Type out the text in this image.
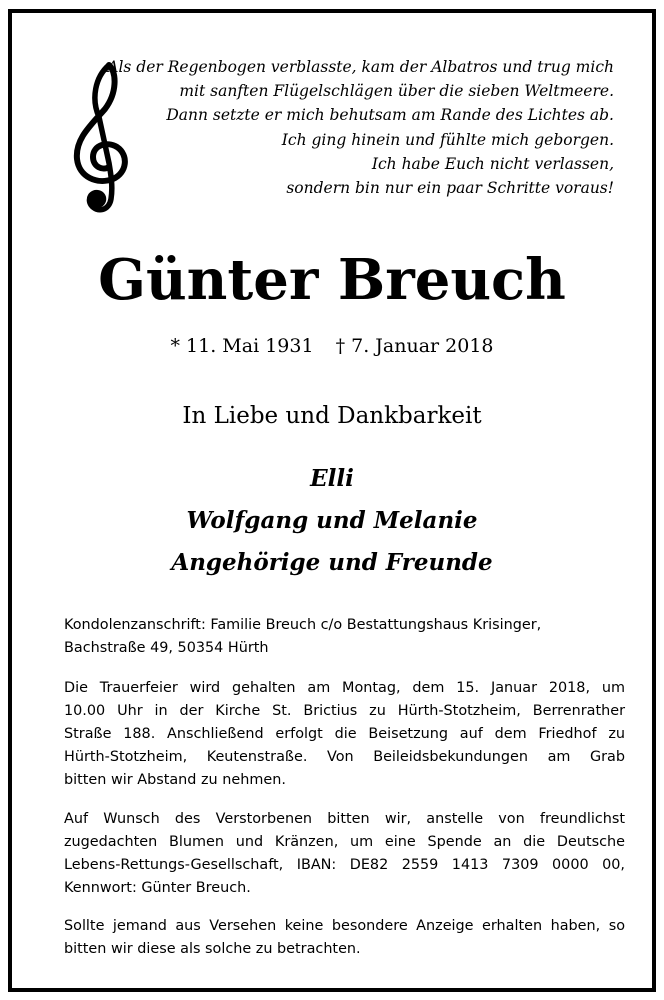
Als der Regenbogen verblasste, kam der Albatros und trug mich
mit sanften Flügelschlägen über die sieben Weltmeere.
Dann setzte er mich behutsam am Rande des Lichtes ab.
Ich ging hinein und fühlte mich geborgen.
Ich habe Euch nicht verlassen,
sondern bin nur ein paar Schritte voraus!
Günter Breuch
* 11. Mai 1931 † 7. Januar 2018
In Liebe und Dankbarkeit
Elli
Wolfgang und Melanie
Angehörige und Freunde
Kondolenzanschrift: Familie Breuch c/o Bestattungshaus Krisinger,
Bachstraße 49, 50354 Hürth
Die Trauerfeier wird gehalten am Montag, dem 15. Januar 2018, um
10.00 Uhr in der Kirche St. Brictius zu Hürth-Stotzheim, Berrenrather
Straße 188. Anschließend erfolgt die Beisetzung auf dem Friedhof zu
Hürth-Stotzheim, Keutenstraße. Von Beileidsbekundungen am Grab
bitten wir Abstand zu nehmen.
Auf Wunsch des Verstorbenen bitten wir, anstelle von freundlichst
zugedachten Blumen und Kränzen, um eine Spende an die Deutsche
Lebens-Rettungs-Gesellschaft, IBAN: DE82 2559 1413 7309 0000 00,
Kennwort: Günter Breuch.
Sollte jemand aus Versehen keine besondere Anzeige erhalten haben, so
bitten wir diese als solche zu betrachten.
